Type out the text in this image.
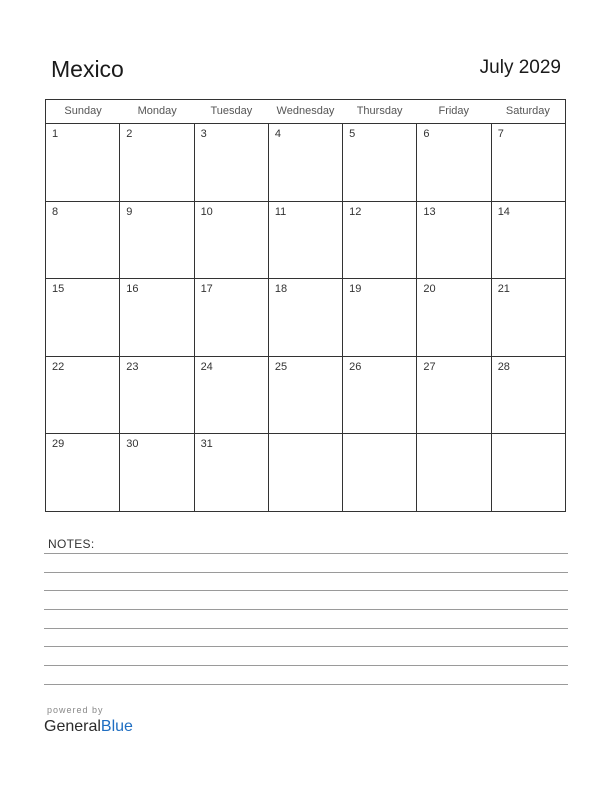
Mexico	July 2029
Sunday	Monday	Tuesday	Wednesday	Thursday	Friday	Saturday
1	2	3	4	5	6	7
8	9	10	11	12	13	14
15	16	17	18	19	20	21
22	23	24	25	26	27	28
29	30	31
NOTES:
powered by
GeneralBlue
